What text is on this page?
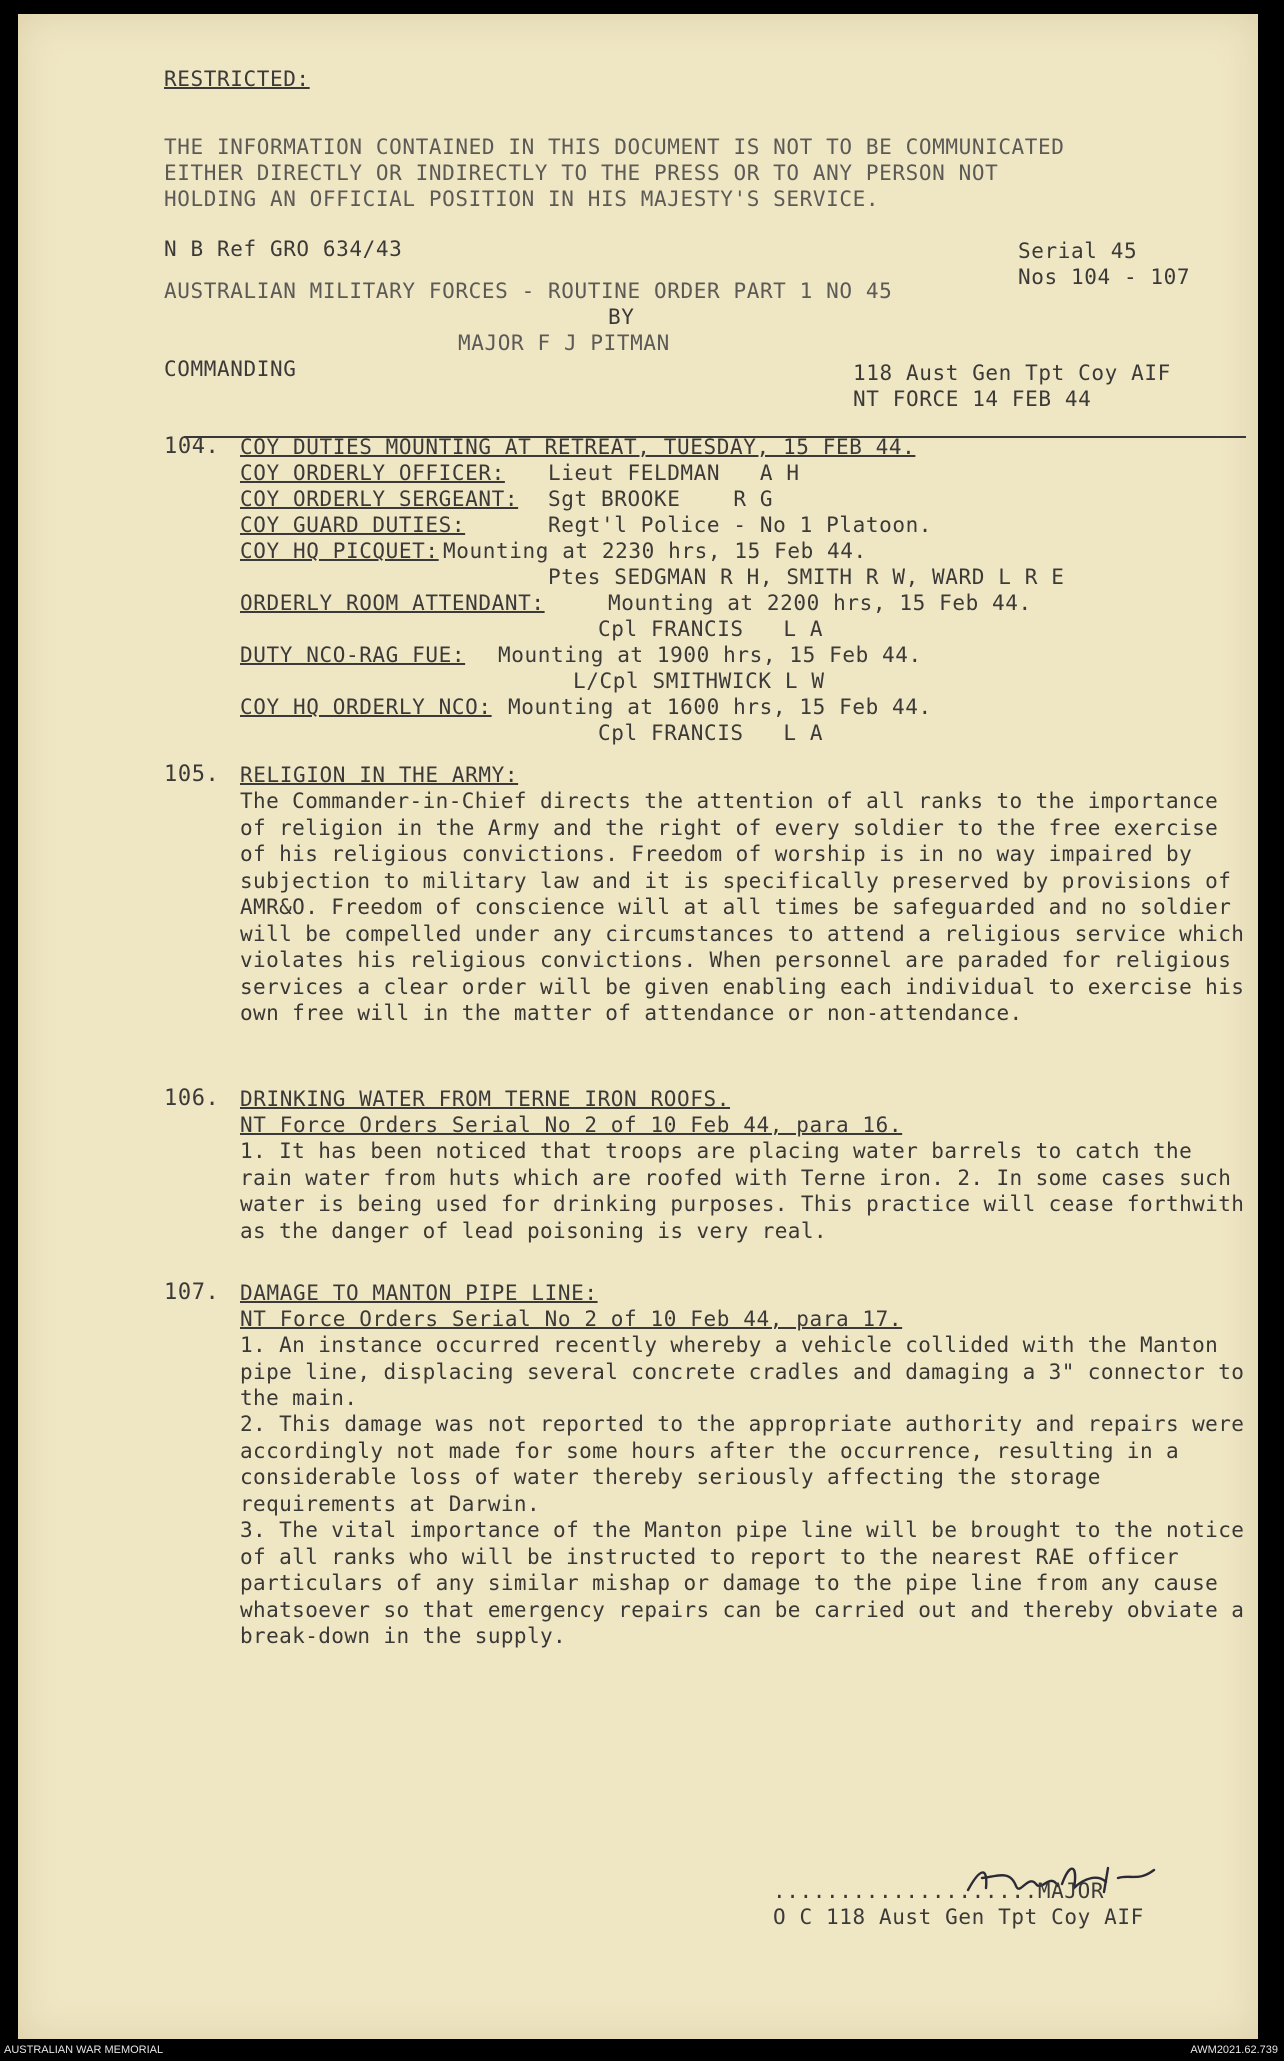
RESTRICTED:
THE INFORMATION CONTAINED IN THIS DOCUMENT IS NOT TO BE COMMUNICATED
EITHER DIRECTLY OR INDIRECTLY TO THE PRESS OR TO ANY PERSON NOT
HOLDING AN OFFICIAL POSITION IN HIS MAJESTY'S SERVICE.
N B Ref GRO 634/43	Serial 45
Nos 104 - 107
AUSTRALIAN MILITARY FORCES - ROUTINE ORDER PART 1 NO 45
BY
MAJOR F J PITMAN
COMMANDING	118 Aust Gen Tpt Coy AIF
NT FORCE 14 FEB 44
104. COY DUTIES MOUNTING AT RETREAT, TUESDAY, 15 FEB 44.
COY ORDERLY OFFICER: Lieut FELDMAN   A H
COY ORDERLY SERGEANT: Sgt BROOKE    R G
COY GUARD DUTIES:	Regt'l Police - No 1 Platoon.
COY HQ PICQUET: Mounting at 2230 hrs, 15 Feb 44.
Ptes SEDGMAN R H, SMITH R W, WARD L R E
ORDERLY ROOM ATTENDANT:	Mounting at 2200 hrs, 15 Feb 44.
Cpl FRANCIS   L A
DUTY NCO-RAG FUE: Mounting at 1900 hrs, 15 Feb 44.
L/Cpl SMITHWICK L W
COY HQ ORDERLY NCO: Mounting at 1600 hrs, 15 Feb 44.
Cpl FRANCIS   L A
105. RELIGION IN THE ARMY:
The Commander-in-Chief directs the attention of all ranks to the importance of religion in the Army and the right of every soldier to the free exercise of his religious convictions. Freedom of worship is in no way impaired by subjection to military law and it is specifically preserved by provisions of AMR&O. Freedom of conscience will at all times be safeguarded and no soldier will be compelled under any circumstances to attend a religious service which violates his religious convictions. When personnel are paraded for religious services a clear order will be given enabling each individual to exercise his own free will in the matter of attendance or non-attendance.
106. DRINKING WATER FROM TERNE IRON ROOFS.
NT Force Orders Serial No 2 of 10 Feb 44, para 16.
1. It has been noticed that troops are placing water barrels to catch the rain water from huts which are roofed with Terne iron. 2. In some cases such water is being used for drinking purposes. This practice will cease forthwith as the danger of lead poisoning is very real.
107. DAMAGE TO MANTON PIPE LINE:
NT Force Orders Serial No 2 of 10 Feb 44, para 17.
1. An instance occurred recently whereby a vehicle collided with the Manton pipe line, displacing several concrete cradles and damaging a 3" connector to the main.
2. This damage was not reported to the appropriate authority and repairs were accordingly not made for some hours after the occurrence, resulting in a considerable loss of water thereby seriously affecting the storage requirements at Darwin.
3. The vital importance of the Manton pipe line will be brought to the notice of all ranks who will be instructed to report to the nearest RAE officer particulars of any similar mishap or damage to the pipe line from any cause whatsoever so that emergency repairs can be carried out and thereby obviate a break-down in the supply.
....................MAJOR
O C 118 Aust Gen Tpt Coy AIF
AUSTRALIAN WAR MEMORIAL	AWM2021.62.739
